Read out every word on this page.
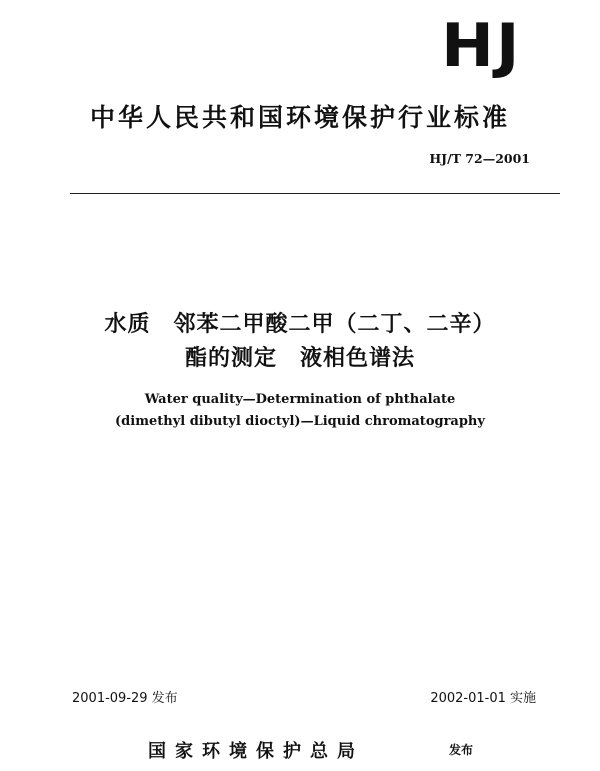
HJ
中华人民共和国环境保护行业标准
HJ/T 72—2001
水质　邻苯二甲酸二甲（二丁、二辛）
酯的测定　液相色谱法
Water quality—Determination of phthalate
(dimethyl dibutyl dioctyl)—Liquid chromatography
2001-09-29 发布	2002-01-01 实施
国家环境保护总局	发布
